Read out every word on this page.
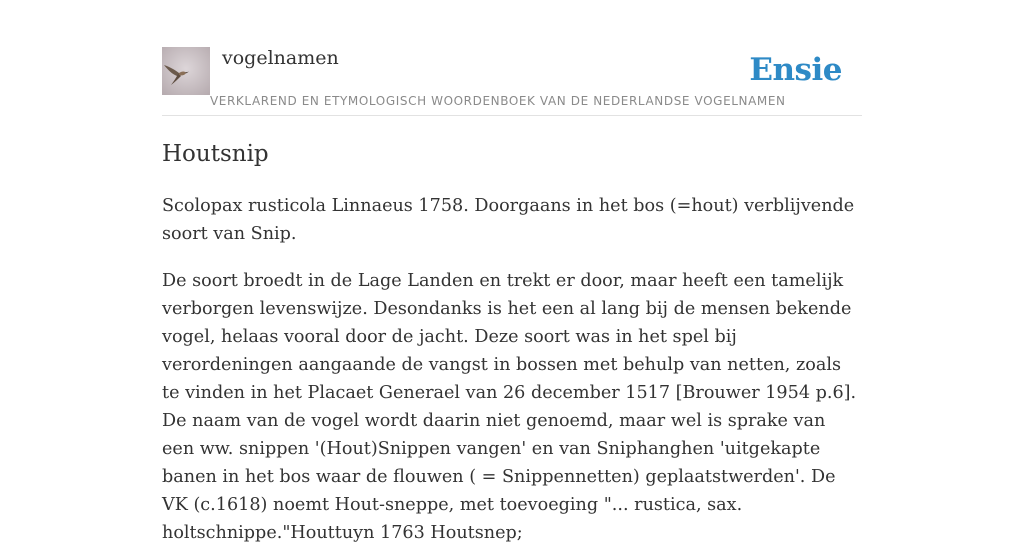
vogelnamen	Ensie
VERKLAREND EN ETYMOLOGISCH WOORDENBOEK VAN DE NEDERLANDSE VOGELNAMEN
Houtsnip

Scolopax rusticola Linnaeus 1758. Doorgaans in het bos (=hout) verblijvende soort van Snip.

De soort broedt in de Lage Landen en trekt er door, maar heeft een tamelijk verborgen levenswijze. Desondanks is het een al lang bij de mensen bekende vogel, helaas vooral door de jacht. Deze soort was in het spel bij verordeningen aangaande de vangst in bossen met behulp van netten, zoals te vinden in het Placaet Generael van 26 december 1517 [Brouwer 1954 p.6]. De naam van de vogel wordt daarin niet genoemd, maar wel is sprake van een ww. snippen '(Hout)Snippen vangen' en van Sniphanghen 'uitgekapte banen in het bos waar de flouwen ( = Snippennetten) geplaatstwerden'. De VK (c.1618) noemt Hout-sneppe, met toevoeging "... rustica, sax. holtschnippe."Houttuyn 1763 Houtsnep;
